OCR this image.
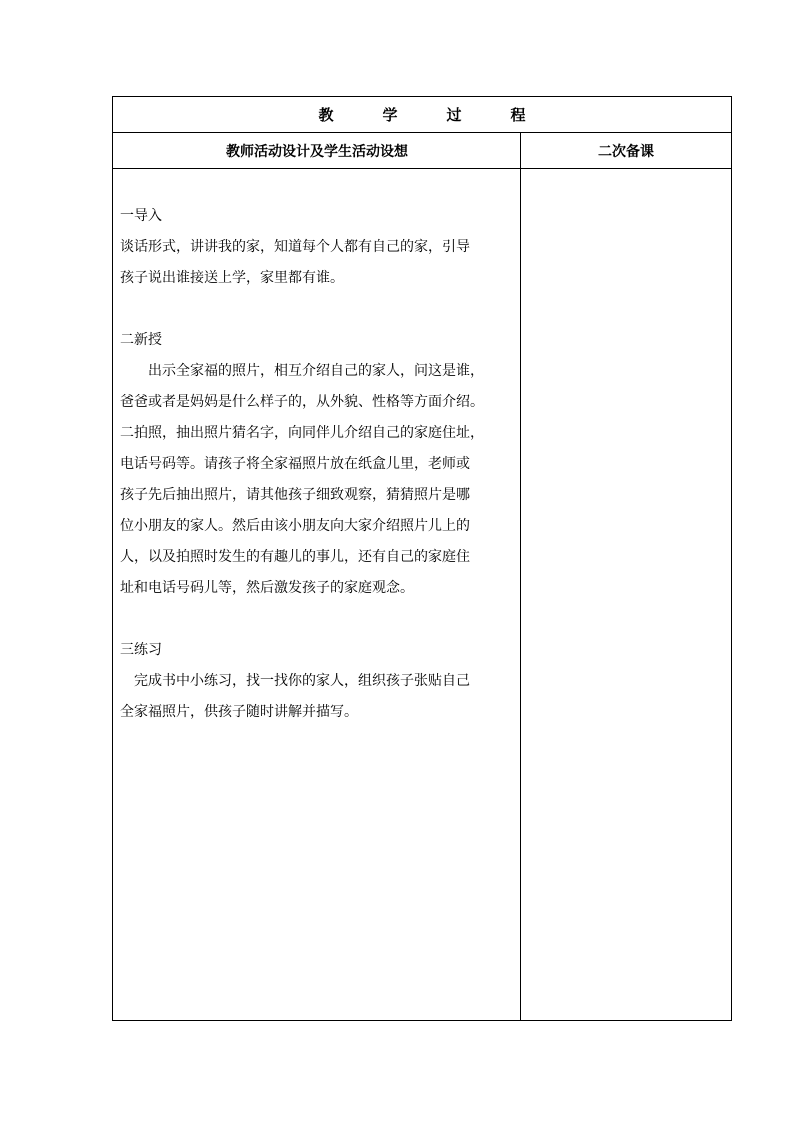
教	学	过	程
教师活动设计及学生活动设想	二次备课

一导入

谈话形式，讲讲我的家，知道每个人都有自己的家，引导

孩子说出谁接送上学，家里都有谁。

二新授

出示全家福的照片，相互介绍自己的家人，问这是谁，

爸爸或者是妈妈是什么样子的，从外貌、性格等方面介绍。

二拍照，抽出照片猜名字，向同伴儿介绍自己的家庭住址，

电话号码等。请孩子将全家福照片放在纸盒儿里，老师或

孩子先后抽出照片，请其他孩子细致观察，猜猜照片是哪

位小朋友的家人。然后由该小朋友向大家介绍照片儿上的

人，以及拍照时发生的有趣儿的事儿，还有自己的家庭住

址和电话号码儿等，然后激发孩子的家庭观念。

三练习

完成书中小练习，找一找你的家人，组织孩子张贴自己

全家福照片，供孩子随时讲解并描写。
